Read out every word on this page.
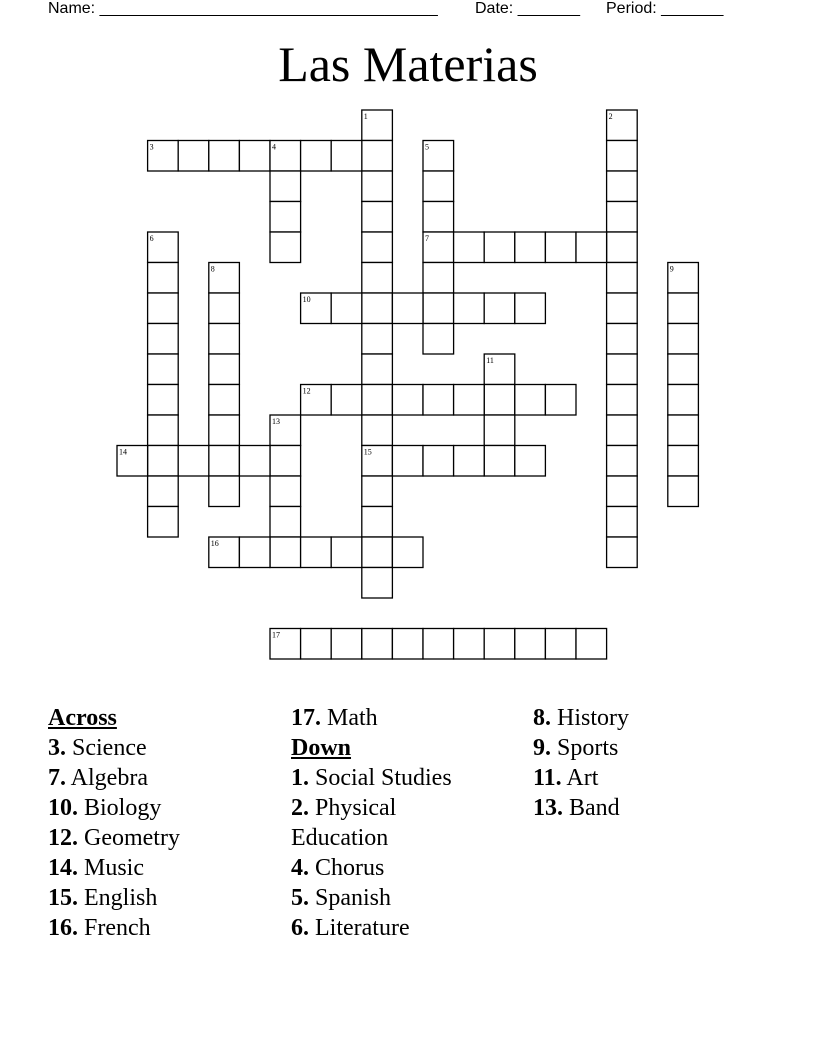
Name: ______________________________________ Date: _______ Period: _______
Las Materias
1
15
2
3	4	5
7
6
8	9
10
11
12
13
14
16
17
Across
3. Science
7. Algebra
10. Biology
12. Geometry
14. Music
15. English
16. French
17. Math
Down
1. Social Studies
2. Physical
Education
4. Chorus
5. Spanish
6. Literature
8. History
9. Sports
11. Art
13. Band
